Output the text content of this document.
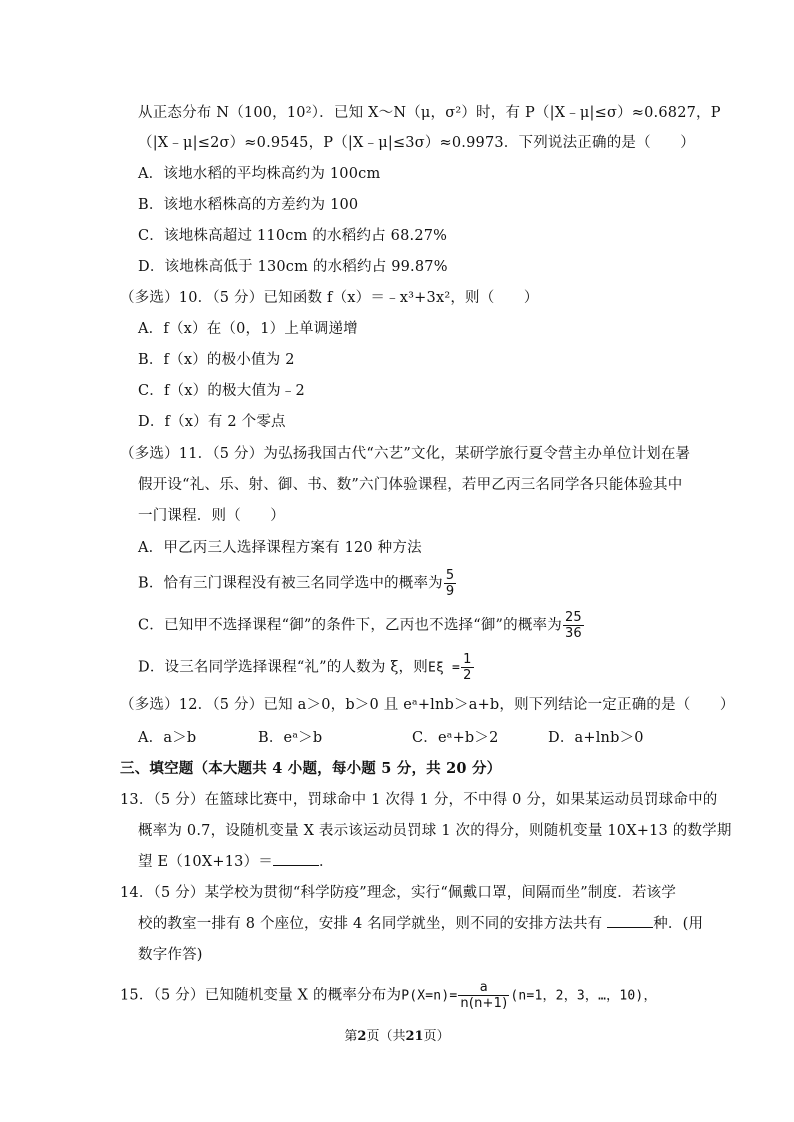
从正态分布 N（100，10²）．已知 X～N（μ，σ²）时，有 P（|X﹣μ|≤σ）≈0.6827，P
（|X﹣μ|≤2σ）≈0.9545，P（|X﹣μ|≤3σ）≈0.9973．下列说法正确的是（　　）
A．该地水稻的平均株高约为 100cm
B．该地水稻株高的方差约为 100
C．该地株高超过 110cm 的水稻约占 68.27%
D．该地株高低于 130cm 的水稻约占 99.87%
（多选）10．（5 分）已知函数 f（x）＝﹣x³+3x²，则（　　）
A．f（x）在（0，1）上单调递增
B．f（x）的极小值为 2
C．f（x）的极大值为﹣2
D．f（x）有 2 个零点
（多选）11．（5 分）为弘扬我国古代“六艺”文化，某研学旅行夏令营主办单位计划在暑
假开设“礼、乐、射、御、书、数”六门体验课程，若甲乙丙三名同学各只能体验其中
一门课程．则（　　）
A．甲乙丙三人选择课程方案有 120 种方法
B．恰有三门课程没有被三名同学选中的概率为 $\frac{5}{9}$
C．已知甲不选择课程“御”的条件下，乙丙也不选择“御”的概率为 $\frac{25}{36}$
D．设三名同学选择课程“礼”的人数为 ξ，则$E\xi = \frac{1}{2}$
（多选）12．（5 分）已知 a＞0，b＞0 且 eᵃ+lnb＞a+b，则下列结论一定正确的是（　　）
A．a＞b	B．eᵃ＞b	C．eᵃ+b＞2	D．a+lnb＞0
三、填空题（本大题共 4 小题，每小题 5 分，共 20 分）
13．（5 分）在篮球比赛中，罚球命中 1 次得 1 分，不中得 0 分，如果某运动员罚球命中的
概率为 0.7，设随机变量 X 表示该运动员罚球 1 次的得分，则随机变量 10X+13 的数学期
望 E（10X+13）＝	．
14．（5 分）某学校为贯彻“科学防疫”理念，实行“佩戴口罩，间隔而坐”制度．若该学
校的教室一排有 8 个座位，安排 4 名同学就坐，则不同的安排方法共有	种．(用
数字作答)
15．（5 分）已知随机变量 X 的概率分布为$P(X=n)= \frac{a}{n(n+1)} (n=1$，2，3，…，10)，
第2页（共21页）
